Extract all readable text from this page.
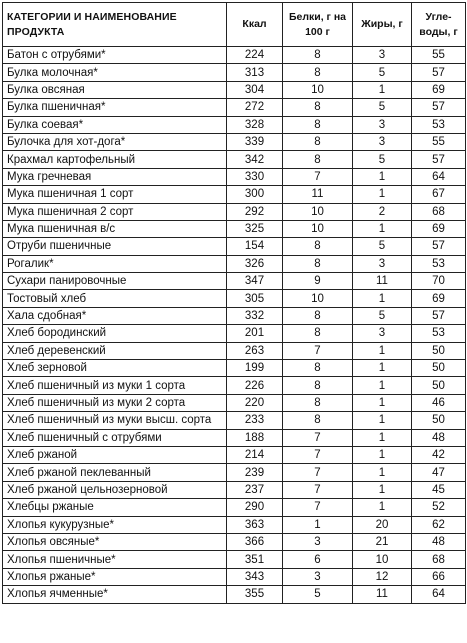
КАТЕГОРИИ И НАИМЕНОВАНИЕ ПРОДУКТА	Ккал	Белки, г на 100 г	Жиры, г	Угле-воды, г
Батон с отрубями*	224	8	3	55
Булка молочная*	313	8	5	57
Булка овсяная	304	10	1	69
Булка пшеничная*	272	8	5	57
Булка соевая*	328	8	3	53
Булочка для хот-дога*	339	8	3	55
Крахмал картофельный	342	8	5	57
Мука гречневая	330	7	1	64
Мука пшеничная 1 сорт	300	11	1	67
Мука пшеничная 2 сорт	292	10	2	68
Мука пшеничная в/с	325	10	1	69
Отруби пшеничные	154	8	5	57
Рогалик*	326	8	3	53
Сухари панировочные	347	9	11	70
Тостовый хлеб	305	10	1	69
Хала сдобная*	332	8	5	57
Хлеб бородинский	201	8	3	53
Хлеб деревенский	263	7	1	50
Хлеб зерновой	199	8	1	50
Хлеб пшеничный из муки 1 сорта	226	8	1	50
Хлеб пшеничный из муки 2 сорта	220	8	1	46
Хлеб пшеничный из муки высш. сорта	233	8	1	50
Хлеб пшеничный с отрубями	188	7	1	48
Хлеб ржаной	214	7	1	42
Хлеб ржаной пеклеванный	239	7	1	47
Хлеб ржаной цельнозерновой	237	7	1	45
Хлебцы ржаные	290	7	1	52
Хлопья кукурузные*	363	1	20	62
Хлопья овсяные*	366	3	21	48
Хлопья пшеничные*	351	6	10	68
Хлопья ржаные*	343	3	12	66
Хлопья ячменные*	355	5	11	64
